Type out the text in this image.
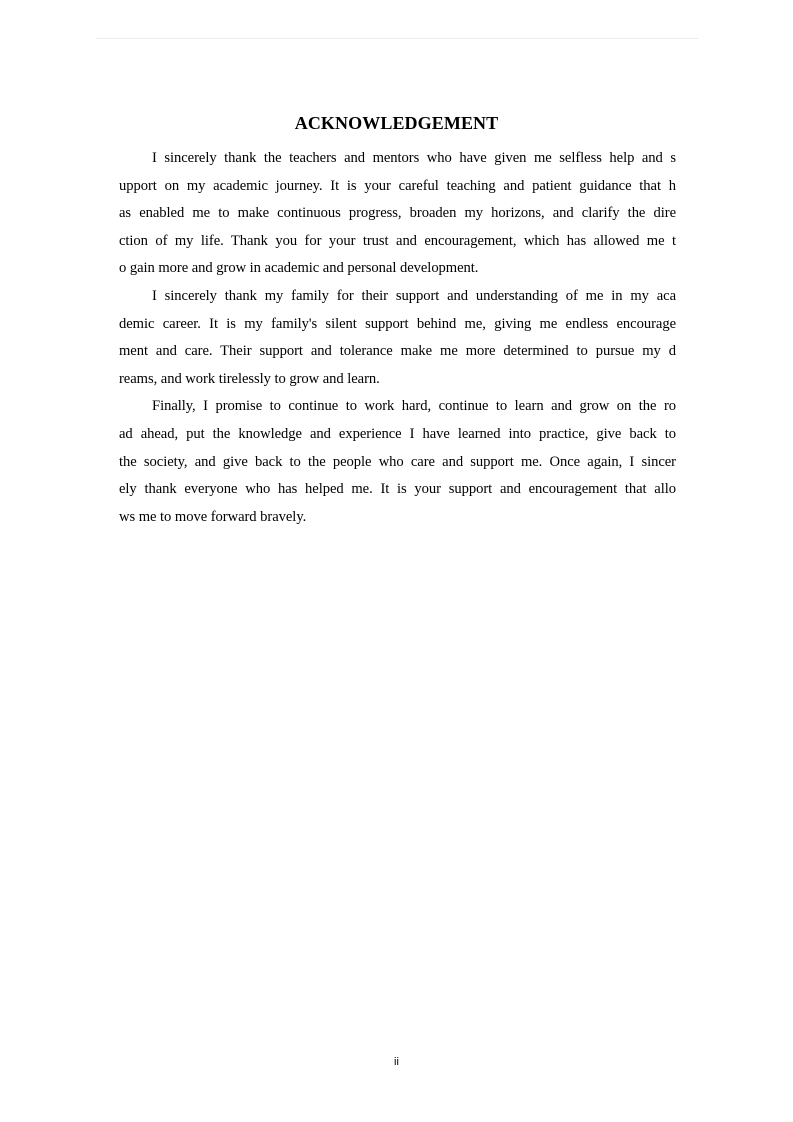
ACKNOWLEDGEMENT

I sincerely thank the teachers and mentors who have given me selfless help and s
upport on my academic journey. It is your careful teaching and patient guidance that h
as enabled me to make continuous progress, broaden my horizons, and clarify the dire
ction of my life. Thank you for your trust and encouragement, which has allowed me t
o gain more and grow in academic and personal development.

I sincerely thank my family for their support and understanding of me in my aca
demic career. It is my family's silent support behind me, giving me endless encourage
ment and care. Their support and tolerance make me more determined to pursue my d
reams, and work tirelessly to grow and learn.

Finally, I promise to continue to work hard, continue to learn and grow on the ro
ad ahead, put the knowledge and experience I have learned into practice, give back to
the society, and give back to the people who care and support me. Once again, I sincer
ely thank everyone who has helped me. It is your support and encouragement that allo
ws me to move forward bravely.

ii
